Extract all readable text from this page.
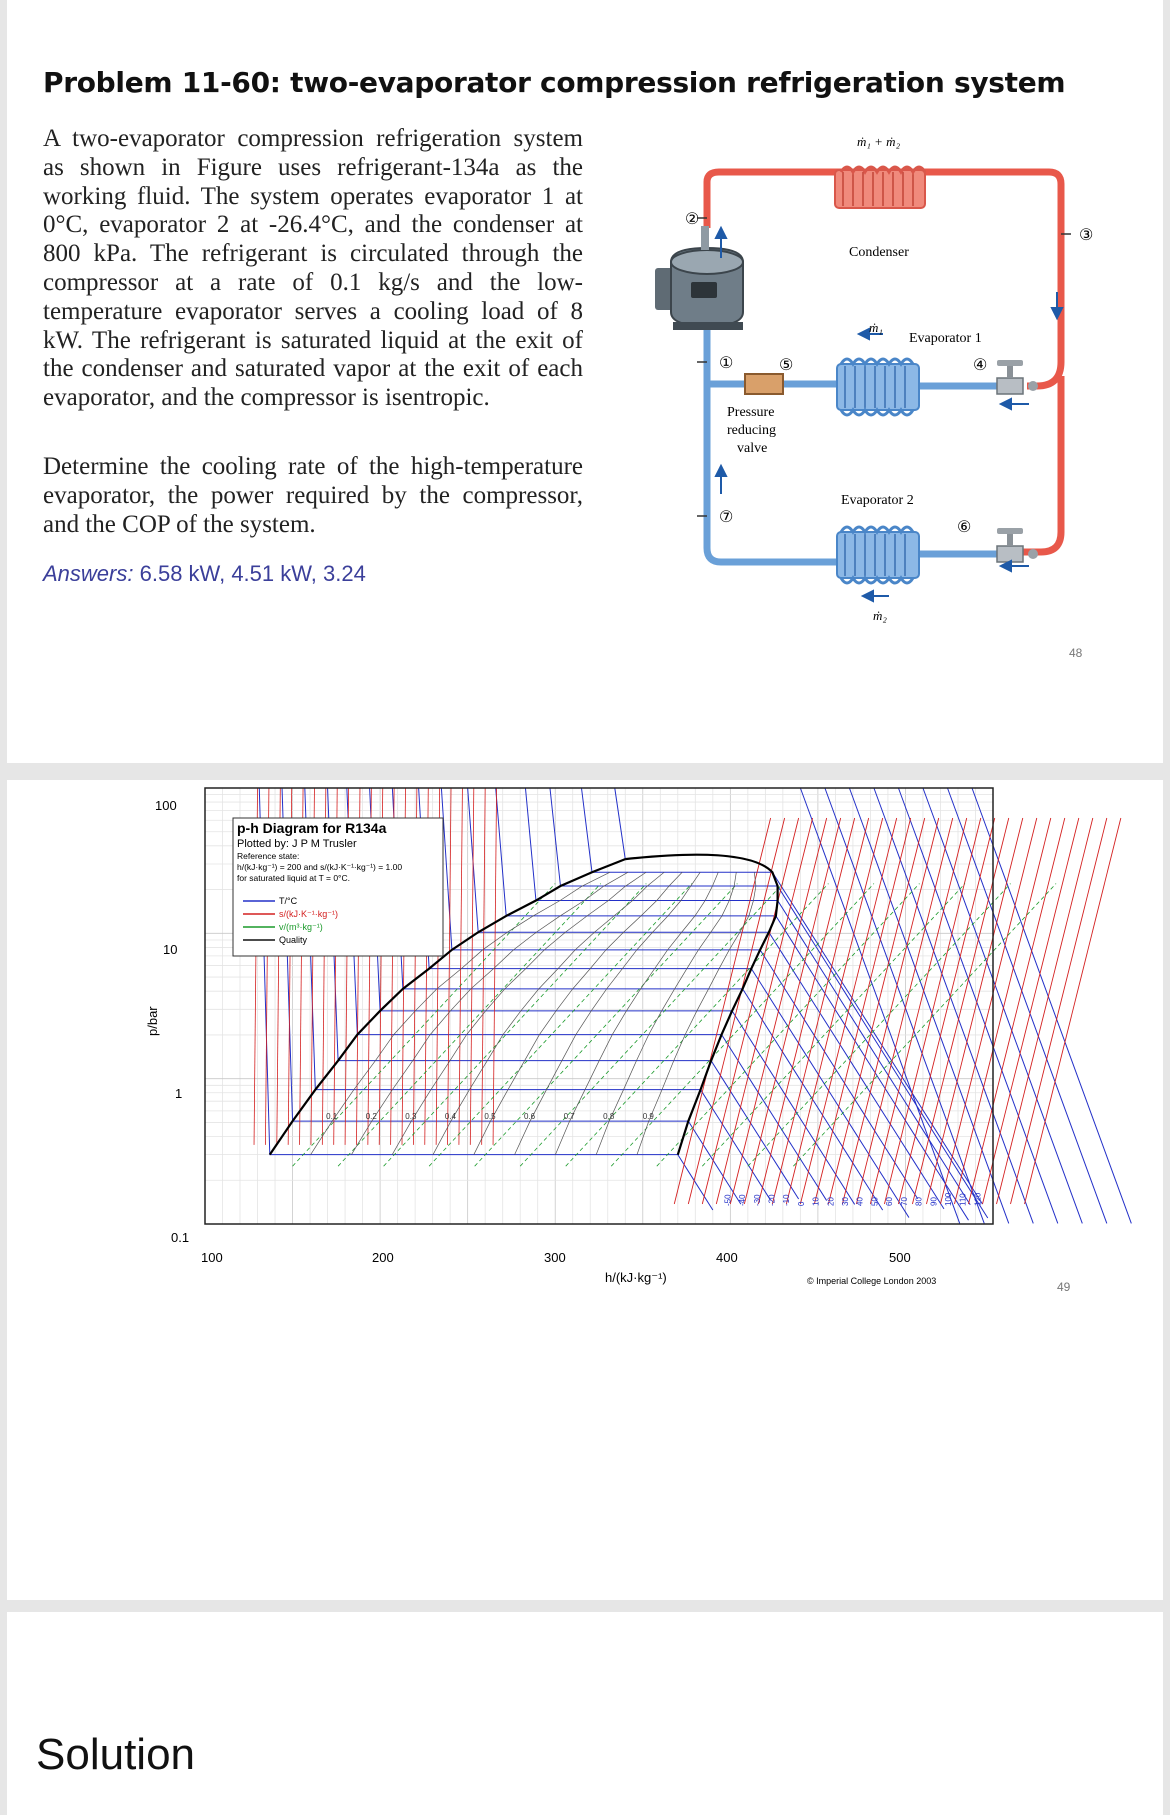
Problem 11-60: two-evaporator compression refrigeration system
A two-evaporator compression refrigeration system as shown in Figure uses refrigerant-134a as the working fluid. The system operates evaporator 1 at 0°C, evaporator 2 at -26.4°C, and the condenser at 800 kPa. The refrigerant is circulated through the compressor at a rate of 0.1 kg/s and the low-temperature evaporator serves a cooling load of 8 kW. The refrigerant is saturated liquid at the exit of the condenser and saturated vapor at the exit of each evaporator, and the compressor is isentropic.
Determine the cooling rate of the high-temperature evaporator, the power required by the compressor, and the COP of the system.
Answers: 6.58 kW, 4.51 kW, 3.24
②
③
①	⑤	④
⑦
⑥
ṁ₁ + ṁ₂
Condenser
ṁ₁
Evaporator 1
Evaporator 2
ṁ₂
Pressure
reducing
valve
48
0.1	0.2	0.3	0.4	0.5	0.6	0.7	0.8	0.9
-50 -40 -30 -20 -10 0 10 20 30 40 50 60 70 80 90 100 110 120
p-h Diagram for R134a
Plotted by: J P M Trusler
Reference state:
h/(kJ·kg⁻¹) = 200 and s/(kJ·K⁻¹·kg⁻¹) = 1.00
for saturated liquid at T = 0°C.
T/°C
s/(kJ·K⁻¹·kg⁻¹)
v/(m³·kg⁻¹)
Quality
100
10
1
0.1
100	200	300	400	500
h/(kJ·kg⁻¹)
p/bar
© Imperial College London 2003	49
Solution
